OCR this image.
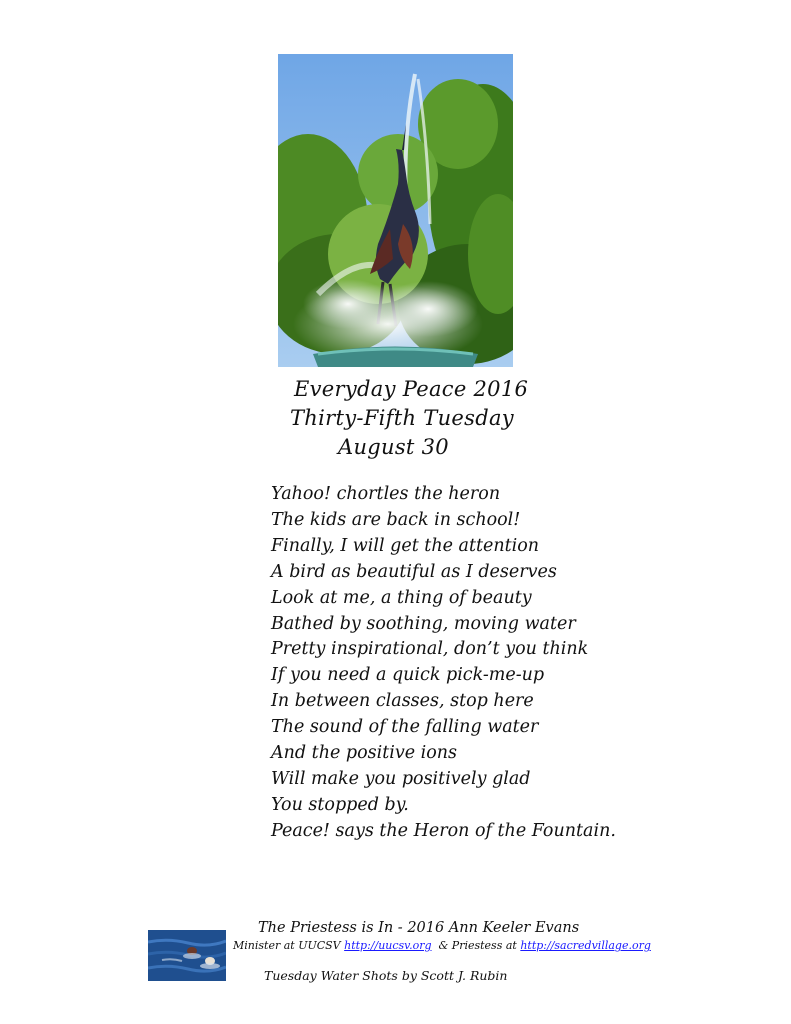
Everyday Peace 2016
Thirty-Fifth Tuesday
August 30
Yahoo! chortles the heron
The kids are back in school!
Finally, I will get the attention
A bird as beautiful as I deserves
Look at me, a thing of beauty
Bathed by soothing, moving water
Pretty inspirational, don’t you think
If you need a quick pick-me-up
In between classes, stop here
The sound of the falling water
And the positive ions
Will make you positively glad
You stopped by.
Peace! says the Heron of the Fountain.
The Priestess is In - 2016 Ann Keeler Evans
Minister at UUCSV http://uucsv.org  & Priestess at http://sacredvillage.org
Tuesday Water Shots by Scott J. Rubin
